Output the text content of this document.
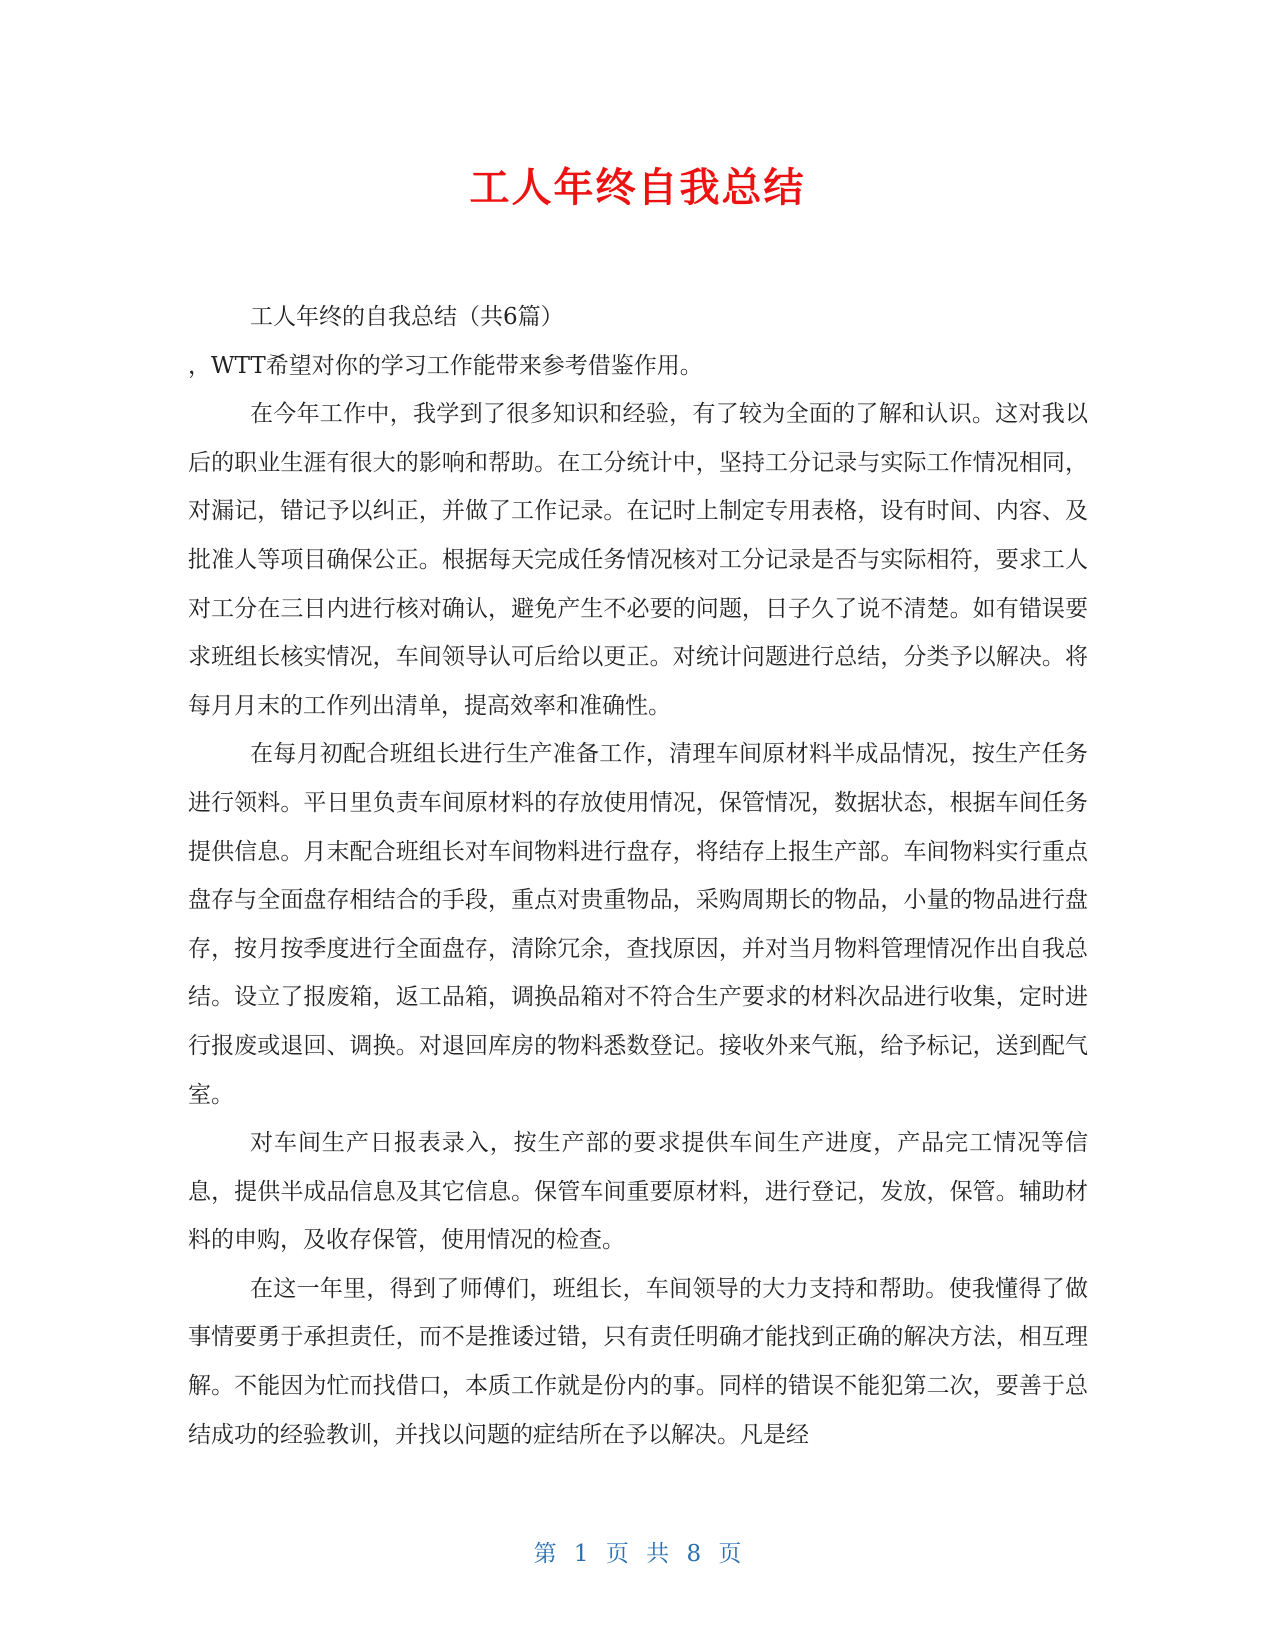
工人年终自我总结

工人年终的自我总结（共6篇）

，WTT希望对你的学习工作能带来参考借鉴作用。

在今年工作中，我学到了很多知识和经验，有了较为全面的了解和认识。这对我以后的职业生涯有很大的影响和帮助。在工分统计中，坚持工分记录与实际工作情况相同，对漏记，错记予以纠正，并做了工作记录。在记时上制定专用表格，设有时间、内容、及批准人等项目确保公正。根据每天完成任务情况核对工分记录是否与实际相符，要求工人对工分在三日内进行核对确认，避免产生不必要的问题，日子久了说不清楚。如有错误要求班组长核实情况，车间领导认可后给以更正。对统计问题进行总结，分类予以解决。将每月月末的工作列出清单，提高效率和准确性。

在每月初配合班组长进行生产准备工作，清理车间原材料半成品情况，按生产任务进行领料。平日里负责车间原材料的存放使用情况，保管情况，数据状态，根据车间任务提供信息。月末配合班组长对车间物料进行盘存，将结存上报生产部。车间物料实行重点盘存与全面盘存相结合的手段，重点对贵重物品，采购周期长的物品，小量的物品进行盘存，按月按季度进行全面盘存，清除冗余，查找原因，并对当月物料管理情况作出自我总结。设立了报废箱，返工品箱，调换品箱对不符合生产要求的材料次品进行收集，定时进行报废或退回、调换。对退回库房的物料悉数登记。接收外来气瓶，给予标记，送到配气室。

对车间生产日报表录入，按生产部的要求提供车间生产进度，产品完工情况等信息，提供半成品信息及其它信息。保管车间重要原材料，进行登记，发放，保管。辅助材料的申购，及收存保管，使用情况的检查。

在这一年里，得到了师傅们，班组长，车间领导的大力支持和帮助。使我懂得了做事情要勇于承担责任，而不是推诿过错，只有责任明确才能找到正确的解决方法，相互理解。不能因为忙而找借口，本质工作就是份内的事。同样的错误不能犯第二次，要善于总结成功的经验教训，并找以问题的症结所在予以解决。凡是经

第 1 页 共 8 页
